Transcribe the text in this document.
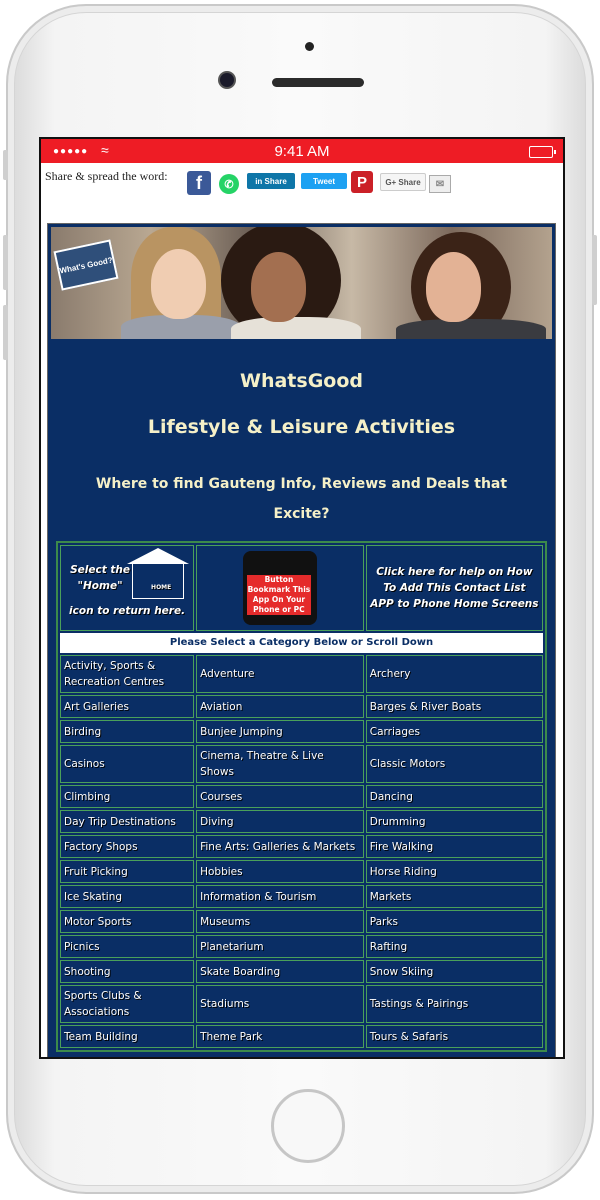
●●●●● ≈	9:41 AM
Share & spread the word:	f	✆	in Share	Tweet	P	G+ Share	✉
What's Good?
WhatsGood
Lifestyle & Leisure Activities
Where to find Gauteng Info, Reviews and Deals that Excite?
Select the "Home" HOME
icon to return here.	Button Bookmark This App On Your Phone or PC	Click here for help on How To Add This Contact List APP to Phone Home Screens
Please Select a Category Below or Scroll Down		
Activity, Sports & Recreation Centres	Adventure	Archery
Art Galleries	Aviation	Barges & River Boats
Birding	Bunjee Jumping	Carriages
Casinos	Cinema, Theatre & Live Shows	Classic Motors
Climbing	Courses	Dancing
Day Trip Destinations	Diving	Drumming
Factory Shops	Fine Arts: Galleries & Markets	Fire Walking
Fruit Picking	Hobbies	Horse Riding
Ice Skating	Information & Tourism	Markets
Motor Sports	Museums	Parks
Picnics	Planetarium	Rafting
Shooting	Skate Boarding	Snow Skiing
Sports Clubs & Associations	Stadiums	Tastings & Pairings
Team Building	Theme Park	Tours & Safaris
